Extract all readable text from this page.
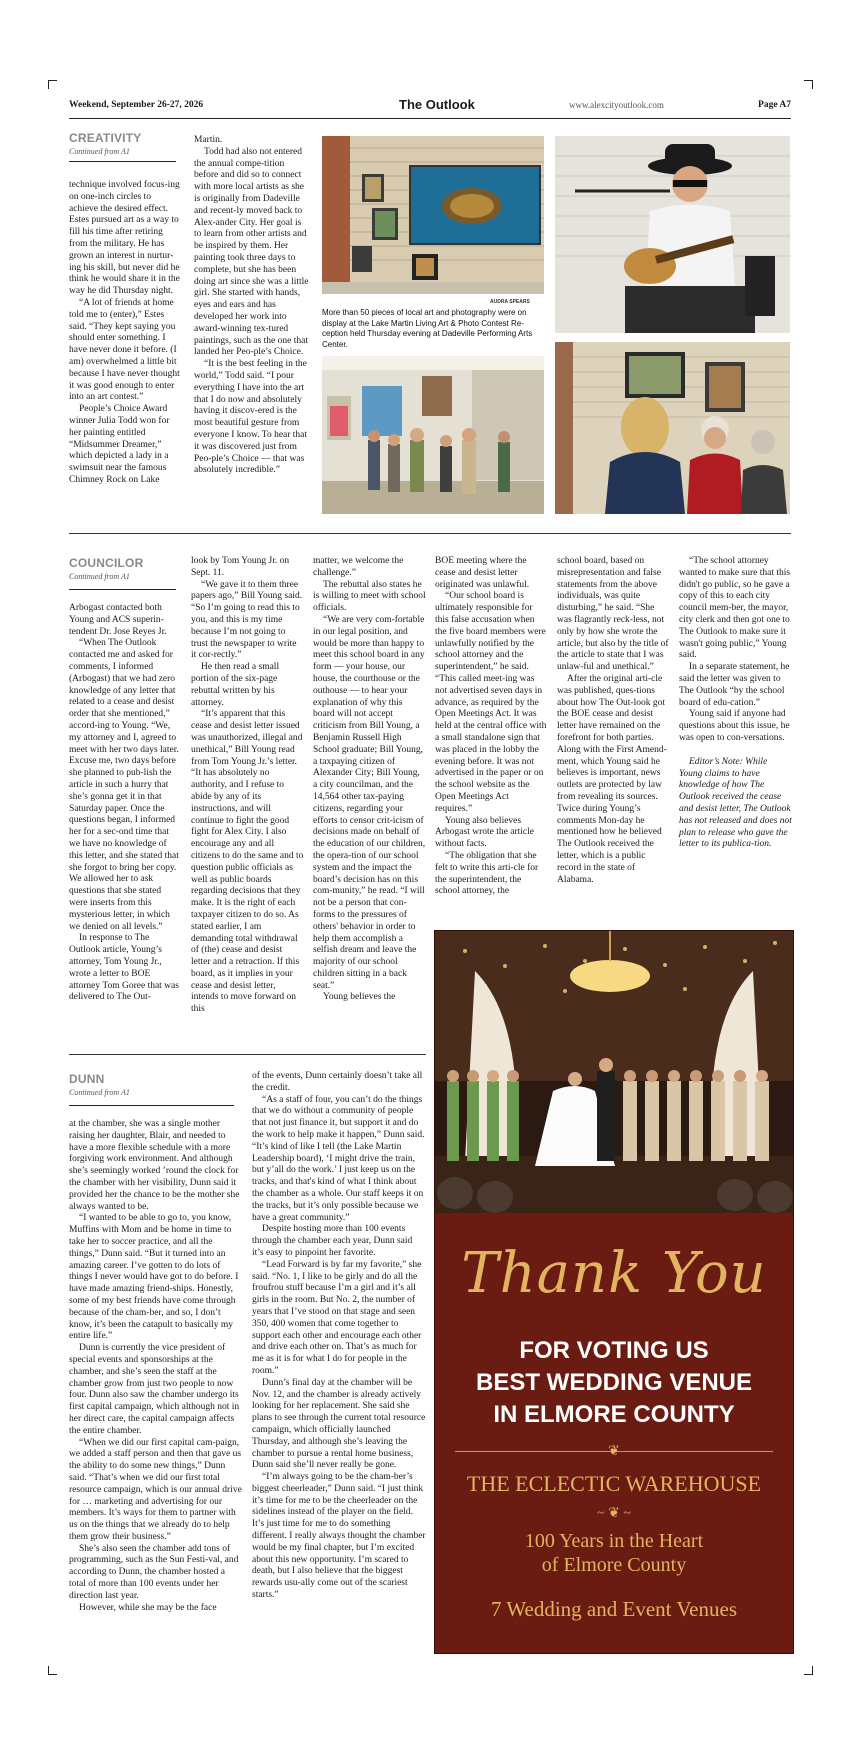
Weekend, September 26-27, 2026	The Outlook	www.alexcityoutlook.com	Page A7
CREATIVITY
Continued from A1

technique involved focus-ing on one-inch circles to achieve the desired effect. Estes pursued art as a way to fill his time after retiring from the military. He has grown an interest in nurtur-ing his skill, but never did he think he would share it in the way he did Thursday night.

“A lot of friends at home told me to (enter),” Estes said. “They kept saying you should enter something. I have never done it before. (I am) overwhelmed a little bit because I have never thought it was good enough to enter into an art contest.”

People’s Choice Award winner Julia Todd won for her painting entitled “Midsummer Dreamer,” which depicted a lady in a swimsuit near the famous Chimney Rock on Lake

Martin.

Todd had also not entered the annual compe-tition before and did so to connect with more local artists as she is originally from Dadeville and recent-ly moved back to Alex-ander City. Her goal is to learn from other artists and be inspired by them. Her painting took three days to complete, but she has been doing art since she was a little girl. She started with hands, eyes and ears and has developed her work into award-winning tex-tured paintings, such as the one that landed her Peo-ple’s Choice.

“It is the best feeling in the world,” Todd said. “I pour everything I have into the art that I do now and absolutely having it discov-ered is the most beautiful gesture from everyone I know. To hear that it was discovered just from Peo-ple’s Choice — that was absolutely incredible.”

AUDRA SPEARS
More than 50 pieces of local art and photography were on display at the Lake Martin Living Art & Photo Contest Re-ception held Thursday evening at Dadeville Performing Arts Center.
COUNCILOR
Continued from A1

Arbogast contacted both Young and ACS superin-tendent Dr. Jose Reyes Jr.

“When The Outlook contacted me and asked for comments, I informed (Arbogast) that we had zero knowledge of any letter that related to a cease and desist order that she mentioned,” accord-ing to Young. “We, my attorney and I, agreed to meet with her two days later. Excuse me, two days before she planned to pub-lish the article in such a hurry that she’s gonna get it in that Saturday paper. Once the questions began, I informed her for a sec-ond time that we have no knowledge of this letter, and she stated that she forgot to bring her copy. We allowed her to ask questions that she stated were inserts from this mysterious letter, in which we denied on all levels.”

In response to The Outlook article, Young’s attorney, Tom Young Jr., wrote a letter to BOE attorney Tom Goree that was delivered to The Out-

look by Tom Young Jr. on Sept. 11.

“We gave it to them three papers ago,” Bill Young said. “So I’m going to read this to you, and this is my time because I’m not going to trust the newspaper to write it cor-rectly.”

He then read a small portion of the six-page rebuttal written by his attorney.

“It’s apparent that this cease and desist letter issued was unauthorized, illegal and unethical,” Bill Young read from Tom Young Jr.’s letter. “It has absolutely no authority, and I refuse to abide by any of its instructions, and will continue to fight the good fight for Alex City. I also encourage any and all citizens to do the same and to question public officials as well as public boards regarding decisions that they make. It is the right of each taxpayer citizen to do so. As stated earlier, I am demanding total withdrawal of (the) cease and desist letter and a retraction. If this board, as it implies in your cease and desist letter, intends to move forward on this

matter, we welcome the challenge.”

The rebuttal also states he is willing to meet with school officials.

“We are very com-fortable in our legal position, and would be more than happy to meet this school board in any form — your house, our house, the courthouse or the outhouse — to hear your explanation of why this board will not accept criticism from Bill Young, a Benjamin Russell High School graduate; Bill Young, a taxpaying citizen of Alexander City; Bill Young, a city councilman, and the 14,564 other tax-paying citizens, regarding your efforts to censor crit-icism of decisions made on behalf of the education of our children, the opera-tion of our school system and the impact the board’s decision has on this com-munity,” he read. “I will not be a person that con-forms to the pressures of others' behavior in order to help them accomplish a selfish dream and leave the majority of our school children sitting in a back seat.”

Young believes the

BOE meeting where the cease and desist letter originated was unlawful.

“Our school board is ultimately responsible for this false accusation when the five board members were unlawfully notified by the school attorney and the superintendent,” he said. “This called meet-ing was not advertised seven days in advance, as required by the Open Meetings Act. It was held at the central office with a small standalone sign that was placed in the lobby the evening before. It was not advertised in the paper or on the school website as the Open Meetings Act requires.”

Young also believes Arbogast wrote the article without facts.

“The obligation that she felt to write this arti-cle for the superintendent, the school attorney, the

school board, based on misrepresentation and false statements from the above individuals, was quite disturbing,” he said. “She was flagrantly reck-less, not only by how she wrote the article, but also by the title of the article to state that I was unlaw-ful and unethical.”

After the original arti-cle was published, ques-tions about how The Out-look got the BOE cease and desist letter have remained on the forefront for both parties. Along with the First Amend-ment, which Young said he believes is important, news outlets are protected by law from revealing its sources. Twice during Young’s comments Mon-day he mentioned how he believed The Outlook received the letter, which is a public record in the state of Alabama.

“The school attorney wanted to make sure that this didn't go public, so he gave a copy of this to each city council mem-ber, the mayor, city clerk and then got one to The Outlook to make sure it wasn't going public,” Young said.

In a separate statement, he said the letter was given to The Outlook “by the school board of edu-cation.”

Young said if anyone had questions about this issue, he was open to con-versations.

Editor’s Note: While Young claims to have knowledge of how The Outlook received the cease and desist letter, The Outlook has not released and does not plan to release who gave the letter to its publica-tion.

DUNN
Continued from A1

at the chamber, she was a single mother raising her daughter, Blair, and needed to have a more flexible schedule with a more forgiving work environment. And although she’s seemingly worked ’round the clock for the chamber with her visibility, Dunn said it provided her the chance to be the mother she always wanted to be.

“I wanted to be able to go to, you know, Muffins with Mom and be home in time to take her to soccer practice, and all the things,” Dunn said. “But it turned into an amazing career. I’ve gotten to do lots of things I never would have got to do before. I have made amazing friend-ships. Honestly, some of my best friends have come through because of the cham-ber, and so, I don’t know, it’s been the catapult to basically my entire life.”

Dunn is currently the vice president of special events and sponsorships at the chamber, and she’s seen the staff at the chamber grow from just two people to now four. Dunn also saw the chamber undergo its first capital campaign, which although not in her direct care, the capital campaign affects the entire chamber.

“When we did our first capital cam-paign, we added a staff person and then that gave us the ability to do some new things,” Dunn said. “That’s when we did our first total resource campaign, which is our annual drive for … marketing and advertising for our members. It’s ways for them to partner with us on the things that we already do to help them grow their business.”

She’s also seen the chamber add tons of programming, such as the Sun Festi-val, and according to Dunn, the chamber hosted a total of more than 100 events under her direction last year.

However, while she may be the face

of the events, Dunn certainly doesn’t take all the credit.

“As a staff of four, you can’t do the things that we do without a community of people that not just finance it, but support it and do the work to help make it happen,” Dunn said. “It’s kind of like I tell (the Lake Martin Leadership board), ‘I might drive the train, but y’all do the work.’ I just keep us on the tracks, and that's kind of what I think about the chamber as a whole. Our staff keeps it on the tracks, but it’s only possible because we have a great community.”

Despite hosting more than 100 events through the chamber each year, Dunn said it’s easy to pinpoint her favorite.

“Lead Forward is by far my favorite,” she said. “No. 1, I like to be girly and do all the froufrou stuff because I’m a girl and it’s all girls in the room. But No. 2, the number of years that I’ve stood on that stage and seen 350, 400 women that come together to support each other and encourage each other and drive each other on. That’s as much for me as it is for what I do for people in the room.”

Dunn’s final day at the chamber will be Nov. 12, and the chamber is already actively looking for her replacement. She said she plans to see through the current total resource campaign, which officially launched Thursday, and although she’s leaving the chamber to pursue a rental home business, Dunn said she’ll never really be gone.

“I’m always going to be the cham-ber’s biggest cheerleader,” Dunn said. “I just think it’s time for me to be the cheerleader on the sidelines instead of the player on the field. It’s just time for me to do something different. I really always thought the chamber would be my final chapter, but I’m excited about this new opportunity. I’m scared to death, but I also believe that the biggest rewards usu-ally come out of the scariest starts.”

Thank You
FOR VOTING US
BEST WEDDING VENUE
IN ELMORE COUNTY
❦
THE ECLECTIC WAREHOUSE
~ ❦ ~
100 Years in the Heart
of Elmore County
7 Wedding and Event Venues
